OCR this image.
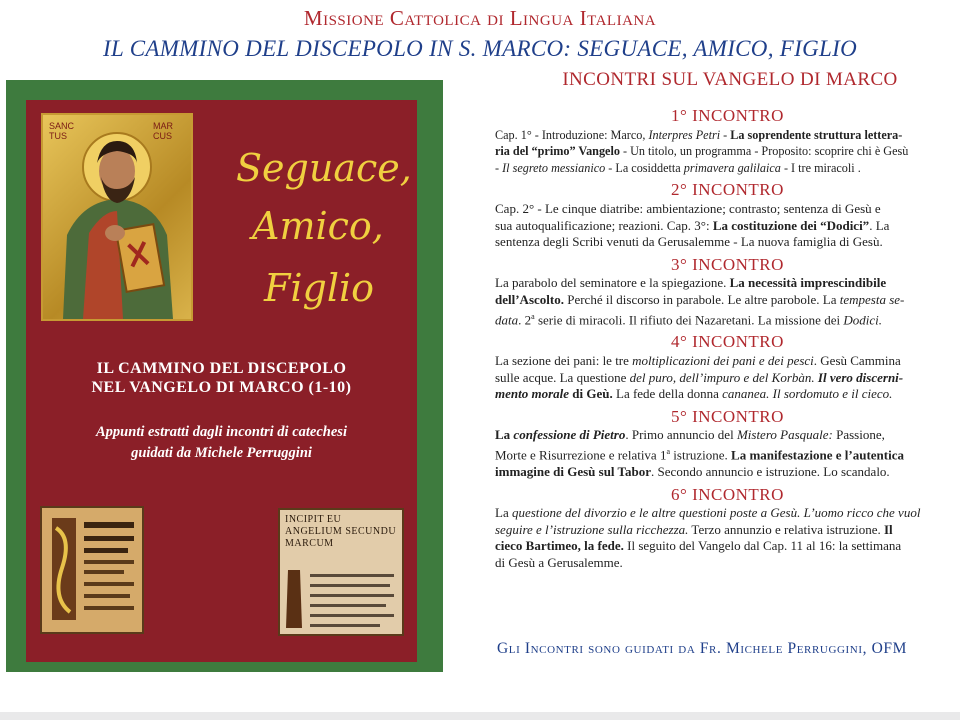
Missione Cattolica di Lingua Italiana
IL CAMMINO DEL DISCEPOLO IN S. MARCO: SEGUACE, AMICO, FIGLIO
INCONTRI SUL VANGELO DI MARCO
SANC TUS
MAR CUS
Seguace,
Amico,
Figlio
IL CAMMINO DEL DISCEPOLO
NEL VANGELO DI MARCO (1-10)
Appunti estratti dagli incontri di catechesi
guidati da Michele Perruggini
INCIPIT EU ANGELIUM SECUNDU MARCUM
1° INCONTRO
Cap. 1° - Introduzione: Marco, Interpres Petri - La soprendente struttura lettera-
ria del “primo” Vangelo - Un titolo, un programma - Proposito: scoprire chi è Gesù
- Il segreto messianico - La cosiddetta primavera galilaica - I tre miracoli .
2° INCONTRO
Cap. 2° - Le cinque diatribe: ambientazione; contrasto; sentenza di Gesù e
sua autoqualificazione; reazioni. Cap. 3°: La costituzione dei “Dodici”. La
sentenza degli Scribi venuti da Gerusalemme - La nuova famiglia di Gesù.
3° INCONTRO
La parabolo del seminatore e la spiegazione. La necessità imprescindibile
dell’Ascolto. Perché il discorso in parabole. Le altre parobole. La tempesta se-
data. 2$^a$ serie di miracoli. Il rifiuto dei Nazaretani. La missione dei Dodici.
4° INCONTRO
La sezione dei pani: le tre moltiplicazioni dei pani e dei pesci. Gesù Cammina
sulle acque. La questione del puro, dell’impuro e del Korbàn. Il vero discerni-
mento morale di Geù. La fede della donna cananea. Il sordomuto e il cieco.
5° INCONTRO
La confessione di Pietro. Primo annuncio del Mistero Pasquale: Passione,
Morte e Risurrezione e relativa 1$^a$ istruzione. La manifestazione e l’autentica
immagine di Gesù sul Tabor. Secondo annuncio e istruzione. Lo scandalo.
6° INCONTRO
La questione del divorzio e le altre questioni poste a Gesù. L’uomo ricco che vuol
seguire e l’istruzione sulla ricchezza. Terzo annunzio e relativa istruzione. Il
cieco Bartimeo, la fede. Il seguito del Vangelo dal Cap. 11 al 16: la settimana
di Gesù a Gerusalemme.
Gli Incontri sono guidati da Fr. Michele Perruggini, OFM
